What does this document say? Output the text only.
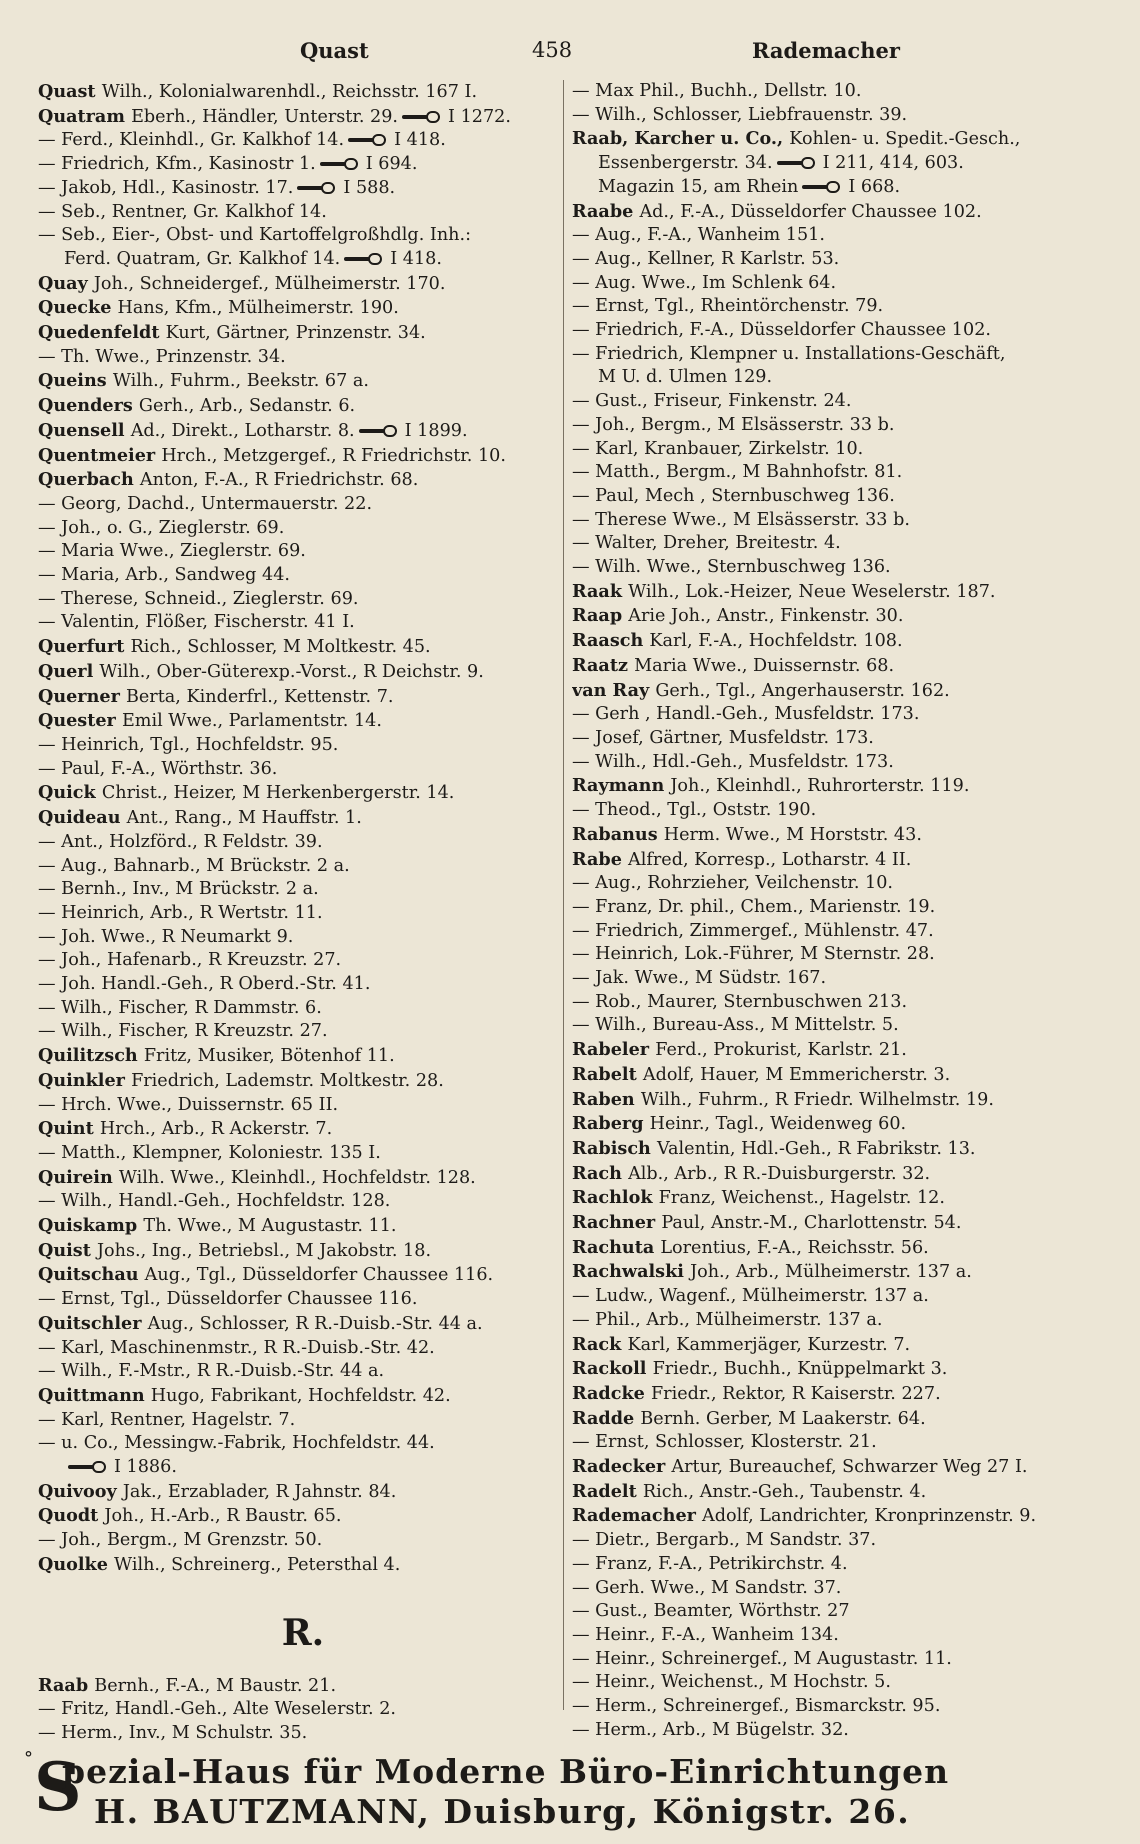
Quast	458	Rademacher
Quast Wilh., Kolonialwarenhdl., Reichsstr. 167 I.
Quatram Eberh., Händler, Unterstr. 29.	I 1272.
— Ferd., Kleinhdl., Gr. Kalkhof 14.	I 418.
— Friedrich, Kfm., Kasinostr 1.	I 694.
— Jakob, Hdl., Kasinostr. 17.	I 588.
— Seb., Rentner, Gr. Kalkhof 14.
— Seb., Eier-, Obst- und Kartoffelgroßhdlg. Inh.:
Ferd. Quatram, Gr. Kalkhof 14.	I 418.
Quay Joh., Schneidergef., Mülheimerstr. 170.
Quecke Hans, Kfm., Mülheimerstr. 190.
Quedenfeldt Kurt, Gärtner, Prinzenstr. 34.
— Th. Wwe., Prinzenstr. 34.
Queins Wilh., Fuhrm., Beekstr. 67 a.
Quenders Gerh., Arb., Sedanstr. 6.
Quensell Ad., Direkt., Lotharstr. 8.	I 1899.
Quentmeier Hrch., Metzgergef., R Friedrichstr. 10.
Querbach Anton, F.-A., R Friedrichstr. 68.
— Georg, Dachd., Untermauerstr. 22.
— Joh., o. G., Zieglerstr. 69.
— Maria Wwe., Zieglerstr. 69.
— Maria, Arb., Sandweg 44.
— Therese, Schneid., Zieglerstr. 69.
— Valentin, Flößer, Fischerstr. 41 I.
Querfurt Rich., Schlosser, M Moltkestr. 45.
Querl Wilh., Ober-Güterexp.-Vorst., R Deichstr. 9.
Querner Berta, Kinderfrl., Kettenstr. 7.
Quester Emil Wwe., Parlamentstr. 14.
— Heinrich, Tgl., Hochfeldstr. 95.
— Paul, F.-A., Wörthstr. 36.
Quick Christ., Heizer, M Herkenbergerstr. 14.
Quideau Ant., Rang., M Hauffstr. 1.
— Ant., Holzförd., R Feldstr. 39.
— Aug., Bahnarb., M Brückstr. 2 a.
— Bernh., Inv., M Brückstr. 2 a.
— Heinrich, Arb., R Wertstr. 11.
— Joh. Wwe., R Neumarkt 9.
— Joh., Hafenarb., R Kreuzstr. 27.
— Joh. Handl.-Geh., R Oberd.-Str. 41.
— Wilh., Fischer, R Dammstr. 6.
— Wilh., Fischer, R Kreuzstr. 27.
Quilitzsch Fritz, Musiker, Bötenhof 11.
Quinkler Friedrich, Lademstr. Moltkestr. 28.
— Hrch. Wwe., Duissernstr. 65 II.
Quint Hrch., Arb., R Ackerstr. 7.
— Matth., Klempner, Koloniestr. 135 I.
Quirein Wilh. Wwe., Kleinhdl., Hochfeldstr. 128.
— Wilh., Handl.-Geh., Hochfeldstr. 128.
Quiskamp Th. Wwe., M Augustastr. 11.
Quist Johs., Ing., Betriebsl., M Jakobstr. 18.
Quitschau Aug., Tgl., Düsseldorfer Chaussee 116.
— Ernst, Tgl., Düsseldorfer Chaussee 116.
Quitschler Aug., Schlosser, R R.-Duisb.-Str. 44 a.
— Karl, Maschinenmstr., R R.-Duisb.-Str. 42.
— Wilh., F.-Mstr., R R.-Duisb.-Str. 44 a.
Quittmann Hugo, Fabrikant, Hochfeldstr. 42.
— Karl, Rentner, Hagelstr. 7.
— u. Co., Messingw.-Fabrik, Hochfeldstr. 44.
I 1886.
Quivooy Jak., Erzablader, R Jahnstr. 84.
Quodt Joh., H.-Arb., R Baustr. 65.
— Joh., Bergm., M Grenzstr. 50.
Quolke Wilh., Schreinerg., Petersthal 4.
R.
Raab Bernh., F.-A., M Baustr. 21.
— Fritz, Handl.-Geh., Alte Weselerstr. 2.
— Herm., Inv., M Schulstr. 35.
— Max Phil., Buchh., Dellstr. 10.
— Wilh., Schlosser, Liebfrauenstr. 39.
Raab, Karcher u. Co., Kohlen- u. Spedit.-Gesch.,
Essenbergerstr. 34.	I 211, 414, 603.
Magazin 15, am Rhein	I 668.
Raabe Ad., F.-A., Düsseldorfer Chaussee 102.
— Aug., F.-A., Wanheim 151.
— Aug., Kellner, R Karlstr. 53.
— Aug. Wwe., Im Schlenk 64.
— Ernst, Tgl., Rheintörchenstr. 79.
— Friedrich, F.-A., Düsseldorfer Chaussee 102.
— Friedrich, Klempner u. Installations-Geschäft,
M U. d. Ulmen 129.
— Gust., Friseur, Finkenstr. 24.
— Joh., Bergm., M Elsässerstr. 33 b.
— Karl, Kranbauer, Zirkelstr. 10.
— Matth., Bergm., M Bahnhofstr. 81.
— Paul, Mech , Sternbuschweg 136.
— Therese Wwe., M Elsässerstr. 33 b.
— Walter, Dreher, Breitestr. 4.
— Wilh. Wwe., Sternbuschweg 136.
Raak Wilh., Lok.-Heizer, Neue Weselerstr. 187.
Raap Arie Joh., Anstr., Finkenstr. 30.
Raasch Karl, F.-A., Hochfeldstr. 108.
Raatz Maria Wwe., Duissernstr. 68.
van Ray Gerh., Tgl., Angerhauserstr. 162.
— Gerh , Handl.-Geh., Musfeldstr. 173.
— Josef, Gärtner, Musfeldstr. 173.
— Wilh., Hdl.-Geh., Musfeldstr. 173.
Raymann Joh., Kleinhdl., Ruhrorterstr. 119.
— Theod., Tgl., Oststr. 190.
Rabanus Herm. Wwe., M Horststr. 43.
Rabe Alfred, Korresp., Lotharstr. 4 II.
— Aug., Rohrzieher, Veilchenstr. 10.
— Franz, Dr. phil., Chem., Marienstr. 19.
— Friedrich, Zimmergef., Mühlenstr. 47.
— Heinrich, Lok.-Führer, M Sternstr. 28.
— Jak. Wwe., M Südstr. 167.
— Rob., Maurer, Sternbuschwen 213.
— Wilh., Bureau-Ass., M Mittelstr. 5.
Rabeler Ferd., Prokurist, Karlstr. 21.
Rabelt Adolf, Hauer, M Emmericherstr. 3.
Raben Wilh., Fuhrm., R Friedr. Wilhelmstr. 19.
Raberg Heinr., Tagl., Weidenweg 60.
Rabisch Valentin, Hdl.-Geh., R Fabrikstr. 13.
Rach Alb., Arb., R R.-Duisburgerstr. 32.
Rachlok Franz, Weichenst., Hagelstr. 12.
Rachner Paul, Anstr.-M., Charlottenstr. 54.
Rachuta Lorentius, F.-A., Reichsstr. 56.
Rachwalski Joh., Arb., Mülheimerstr. 137 a.
— Ludw., Wagenf., Mülheimerstr. 137 a.
— Phil., Arb., Mülheimerstr. 137 a.
Rack Karl, Kammerjäger, Kurzestr. 7.
Rackoll Friedr., Buchh., Knüppelmarkt 3.
Radcke Friedr., Rektor, R Kaiserstr. 227.
Radde Bernh. Gerber, M Laakerstr. 64.
— Ernst, Schlosser, Klosterstr. 21.
Radecker Artur, Bureauchef, Schwarzer Weg 27 I.
Radelt Rich., Anstr.-Geh., Taubenstr. 4.
Rademacher Adolf, Landrichter, Kronprinzenstr. 9.
— Dietr., Bergarb., M Sandstr. 37.
— Franz, F.-A., Petrikirchstr. 4.
— Gerh. Wwe., M Sandstr. 37.
— Gust., Beamter, Wörthstr. 27
— Heinr., F.-A., Wanheim 134.
— Heinr., Schreinergef., M Augustastr. 11.
— Heinr., Weichenst., M Hochstr. 5.
— Herm., Schreinergef., Bismarckstr. 95.
— Herm., Arb., M Bügelstr. 32.
° S
pezial-Haus für Moderne Büro-Einrichtungen
H. BAUTZMANN, Duisburg, Königstr. 26.
